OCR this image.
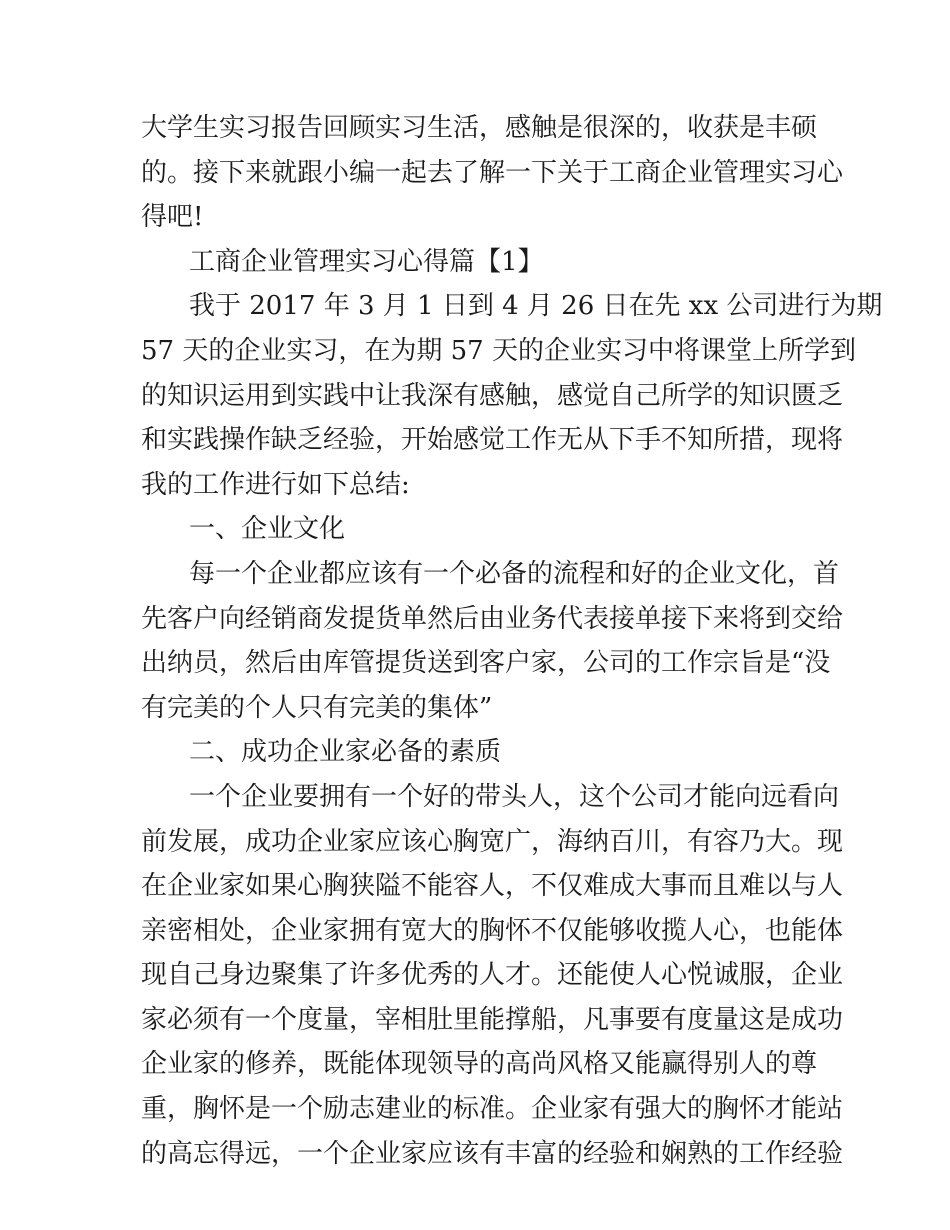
大学生实习报告回顾实习生活，感触是很深的，收获是丰硕
的。接下来就跟小编一起去了解一下关于工商企业管理实习心
得吧!
工商企业管理实习心得篇【1】
我于 2017 年 3 月 1 日到 4 月 26 日在先 xx 公司进行为期
57 天的企业实习，在为期 57 天的企业实习中将课堂上所学到
的知识运用到实践中让我深有感触，感觉自己所学的知识匮乏
和实践操作缺乏经验，开始感觉工作无从下手不知所措，现将
我的工作进行如下总结:
一、企业文化
每一个企业都应该有一个必备的流程和好的企业文化，首
先客户向经销商发提货单然后由业务代表接单接下来将到交给
出纳员，然后由库管提货送到客户家，公司的工作宗旨是“没
有完美的个人只有完美的集体”
二、成功企业家必备的素质
一个企业要拥有一个好的带头人，这个公司才能向远看向
前发展，成功企业家应该心胸宽广，海纳百川，有容乃大。现
在企业家如果心胸狭隘不能容人，不仅难成大事而且难以与人
亲密相处，企业家拥有宽大的胸怀不仅能够收揽人心，也能体
现自己身边聚集了许多优秀的人才。还能使人心悦诚服，企业
家必须有一个度量，宰相肚里能撑船，凡事要有度量这是成功
企业家的修养，既能体现领导的高尚风格又能赢得别人的尊
重，胸怀是一个励志建业的标准。企业家有强大的胸怀才能站
的高忘得远，一个企业家应该有丰富的经验和娴熟的工作经验
